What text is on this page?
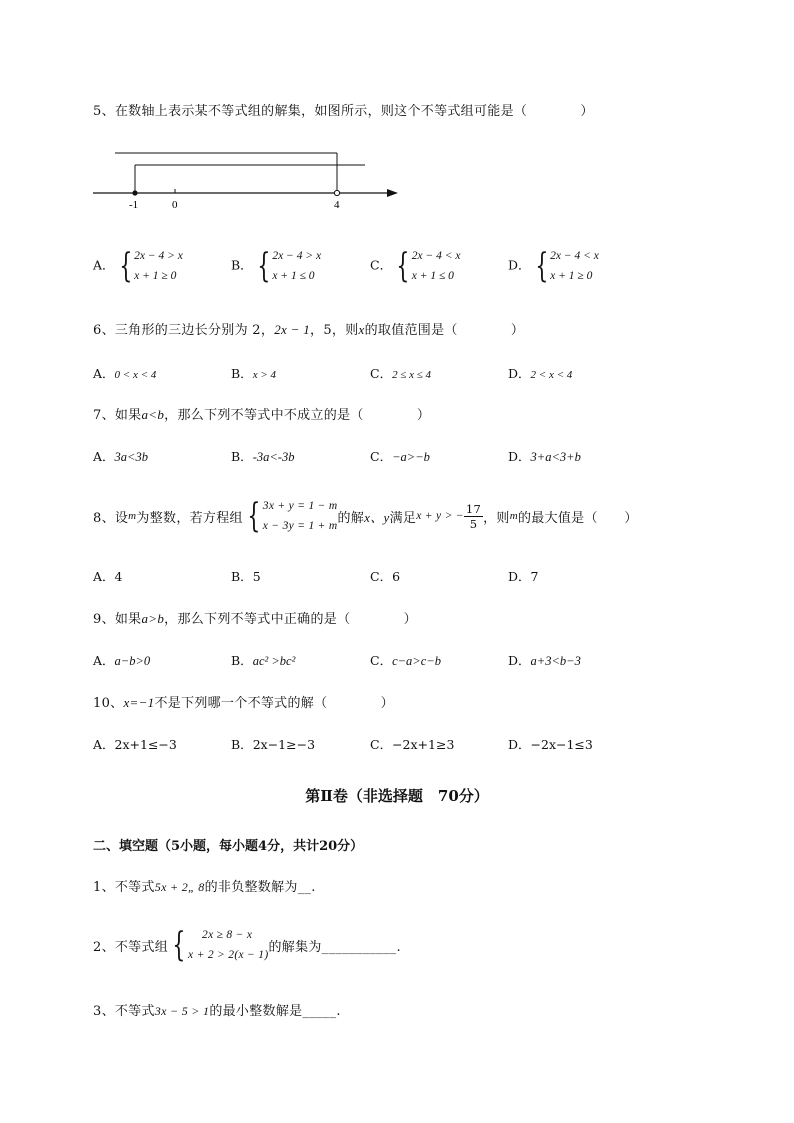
5、在数轴上表示某不等式组的解集，如图所示，则这个不等式组可能是（　　　　）
-1	0	4
A． { 2x − 4 > x
x + 1 ≥ 0
B． { 2x − 4 > x
x + 1 ≤ 0
C． { 2x − 4 < x
x + 1 ≤ 0
D． { 2x − 4 < x
x + 1 ≥ 0
6、三角形的三边长分别为 2，2x − 1，5，则x的取值范围是（　　　　）
A．0 < x < 4	B．x > 4	C．2 ≤ x ≤ 4	D．2 < x < 4
7、如果a<b，那么下列不等式中不成立的是（　　　　）
A．3a<3b	B．-3a<-3b	C．−a>−b	D．3+a<3+b
8、设 m 为整数，若方程组 { 3x + y = 1 − m
x − 3y = 1 + m
的解 x、y 满足 x + y > − $\frac{17}{5}$ ，则 m 的最大值是（　　）
A．4	B．5	C．6	D．7
9、如果a>b，那么下列不等式中正确的是（　　　　）
A．a−b>0	B．ac² >bc²	C．c−a>c−b	D．a+3<b−3
10、x=−1不是下列哪一个不等式的解（　　　　）
A．2x+1≤−3	B．2x−1≥−3	C．−2x+1≥3	D．−2x−1≤3
第Ⅱ卷（非选择题　70分）
二、填空题（5小题，每小题4分，共计20分）
1、不等式5x + 2„ 8的非负整数解为__.
2、不等式组 {	2x ≥ 8 − x
x + 2 > 2(x − 1)
的解集为___________.
3、不等式3x − 5 > 1的最小整数解是_____.
